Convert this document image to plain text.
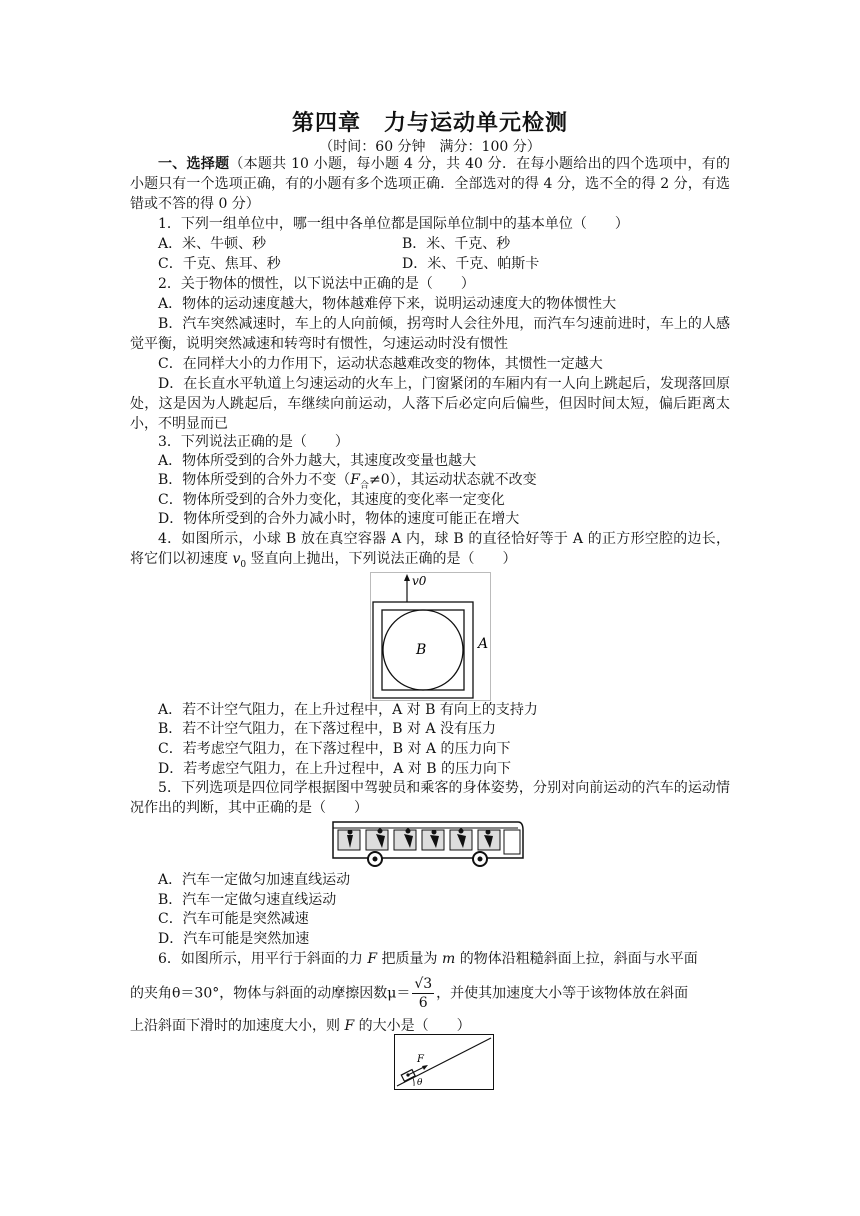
第四章　力与运动单元检测
（时间：60 分钟　满分：100 分）
一、选择题（本题共 10 小题，每小题 4 分，共 40 分．在每小题给出的四个选项中，有的小题只有一个选项正确，有的小题有多个选项正确．全部选对的得 4 分，选不全的得 2 分，有选错或不答的得 0 分）
1．下列一组单位中，哪一组中各单位都是国际单位制中的基本单位（　　）
A．米、牛顿、秒	B．米、千克、秒
C．千克、焦耳、秒	D．米、千克、帕斯卡
2．关于物体的惯性，以下说法中正确的是（　　）
A．物体的运动速度越大，物体越难停下来，说明运动速度大的物体惯性大
B．汽车突然减速时，车上的人向前倾，拐弯时人会往外甩，而汽车匀速前进时，车上的人感觉平衡，说明突然减速和转弯时有惯性，匀速运动时没有惯性
C．在同样大小的力作用下，运动状态越难改变的物体，其惯性一定越大
D．在长直水平轨道上匀速运动的火车上，门窗紧闭的车厢内有一人向上跳起后，发现落回原处，这是因为人跳起后，车继续向前运动，人落下后必定向后偏些，但因时间太短，偏后距离太小，不明显而已
3．下列说法正确的是（　　）
A．物体所受到的合外力越大，其速度改变量也越大
B．物体所受到的合外力不变$(F_合\ne 0)$，其运动状态就不改变
C．物体所受到的合外力变化，其速度的变化率一定变化
D．物体所受到的合外力减小时，物体的速度可能正在增大
4．如图所示，小球 B 放在真空容器 A 内，球 B 的直径恰好等于 A 的正方形空腔的边长，将它们以初速度 $v_0$ 竖直向上抛出，下列说法正确的是（　　）
v0
B	A
A．若不计空气阻力，在上升过程中，A 对 B 有向上的支持力
B．若不计空气阻力，在下落过程中，B 对 A 没有压力
C．若考虑空气阻力，在下落过程中，B 对 A 的压力向下
D．若考虑空气阻力，在上升过程中，A 对 B 的压力向下
5．下列选项是四位同学根据图中驾驶员和乘客的身体姿势，分别对向前运动的汽车的运动情况作出的判断，其中正确的是（　　）
A．汽车一定做匀加速直线运动
B．汽车一定做匀速直线运动
C．汽车可能是突然减速
D．汽车可能是突然加速
6．如图所示，用平行于斜面的力 F 把质量为 m 的物体沿粗糙斜面上拉，斜面与水平面
的夹角θ＝30°，物体与斜面的动摩擦因数$\mu= \frac{√3}{6}$ ，并使其加速度大小等于该物体放在斜面
上沿斜面下滑时的加速度大小，则 F 的大小是（　　）
θ
F
